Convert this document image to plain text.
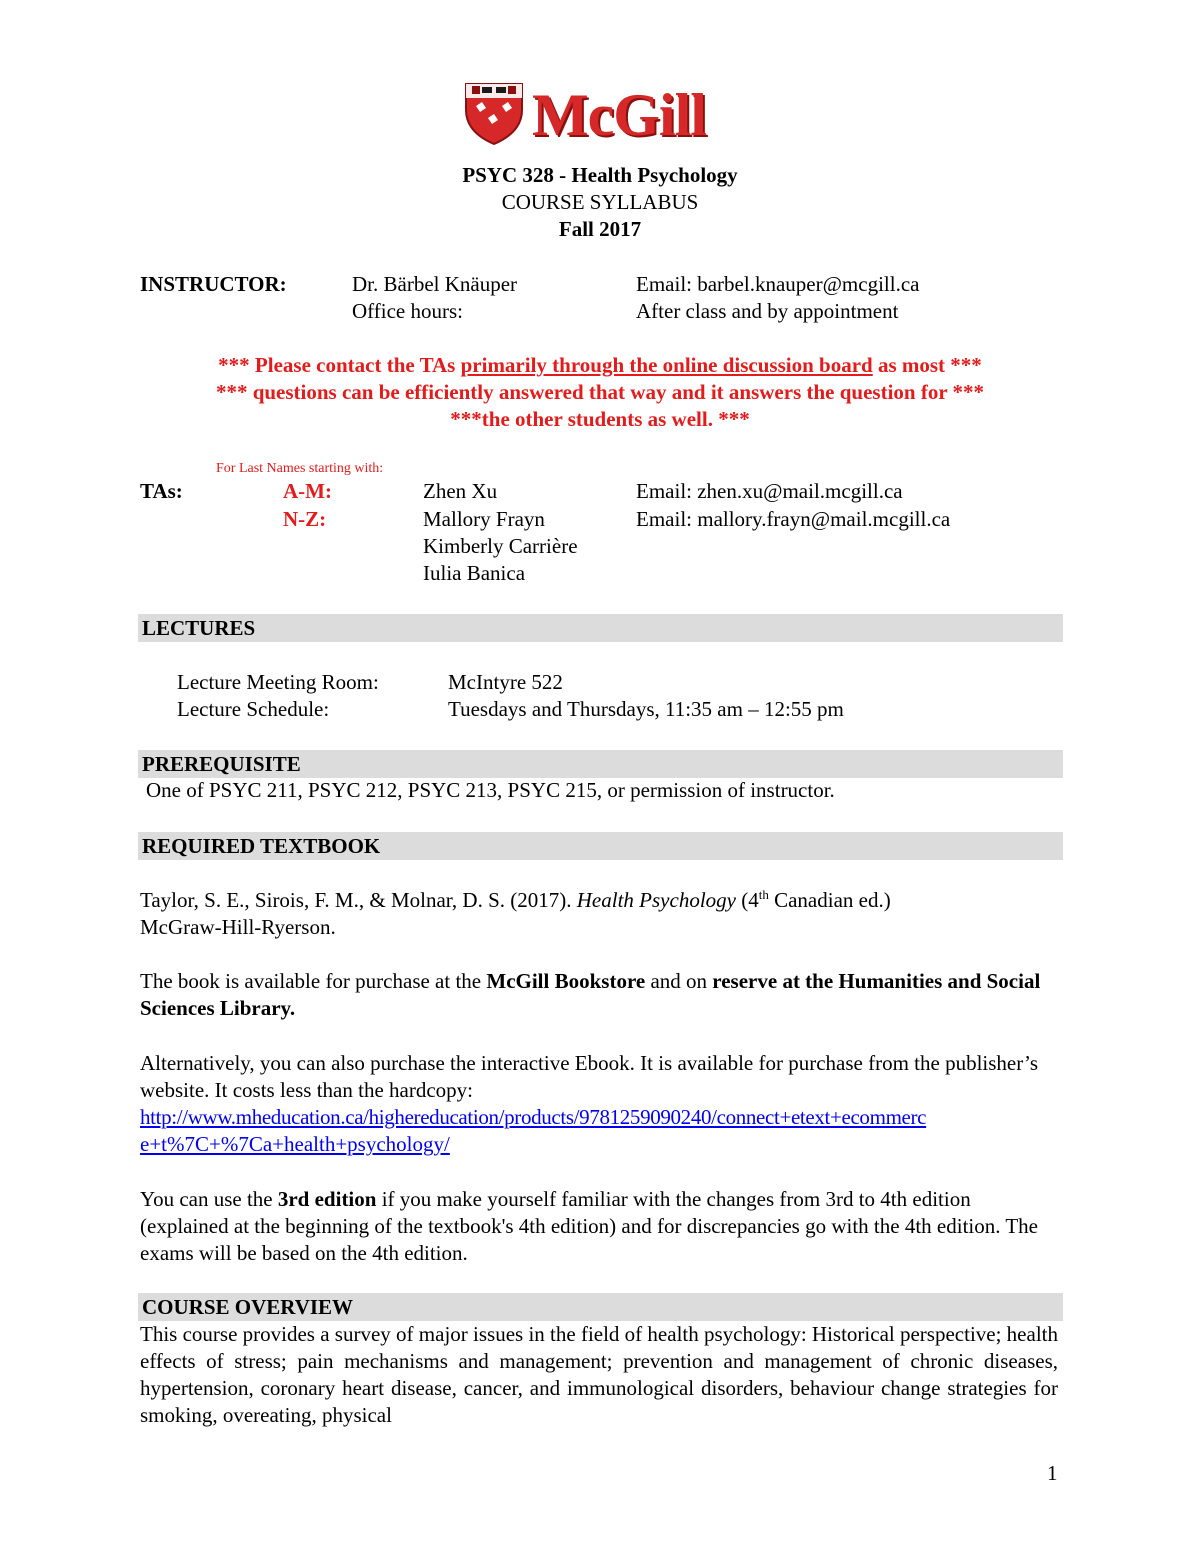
McGill
PSYC 328 - Health Psychology
COURSE SYLLABUS
Fall 2017
INSTRUCTOR:	Dr. Bärbel Knäuper	Email: barbel.knauper@mcgill.ca
Office hours:	After class and by appointment
*** Please contact the TAs primarily through the online discussion board as most ***
*** questions can be efficiently answered that way and it answers the question for ***
***the other students as well. ***
For Last Names starting with:
TAs:	A-M:	Zhen Xu	Email: zhen.xu@mail.mcgill.ca
N-Z:	Mallory Frayn	Email: mallory.frayn@mail.mcgill.ca
Kimberly Carrière
Iulia Banica
LECTURES
Lecture Meeting Room:	McIntyre 522
Lecture Schedule:	Tuesdays and Thursdays, 11:35 am – 12:55 pm
PREREQUISITE
One of PSYC 211, PSYC 212, PSYC 213, PSYC 215, or permission of instructor.
REQUIRED TEXTBOOK
Taylor, S. E., Sirois, F. M., & Molnar, D. S. (2017). Health Psychology (4th Canadian ed.)
McGraw-Hill-Ryerson.
The book is available for purchase at the McGill Bookstore and on reserve at the Humanities and Social Sciences Library.
Alternatively, you can also purchase the interactive Ebook. It is available for purchase from the publisher’s website. It costs less than the hardcopy:
http://www.mheducation.ca/highereducation/products/9781259090240/connect+etext+ecommerc
e+t%7C+%7Ca+health+psychology/
You can use the 3rd edition if you make yourself familiar with the changes from 3rd to 4th edition (explained at the beginning of the textbook's 4th edition) and for discrepancies go with the 4th edition. The exams will be based on the 4th edition.
COURSE OVERVIEW
This course provides a survey of major issues in the field of health psychology: Historical perspective; health effects of stress; pain mechanisms and management; prevention and management of chronic diseases, hypertension, coronary heart disease, cancer, and immunological disorders, behaviour change strategies for smoking, overeating, physical
1
